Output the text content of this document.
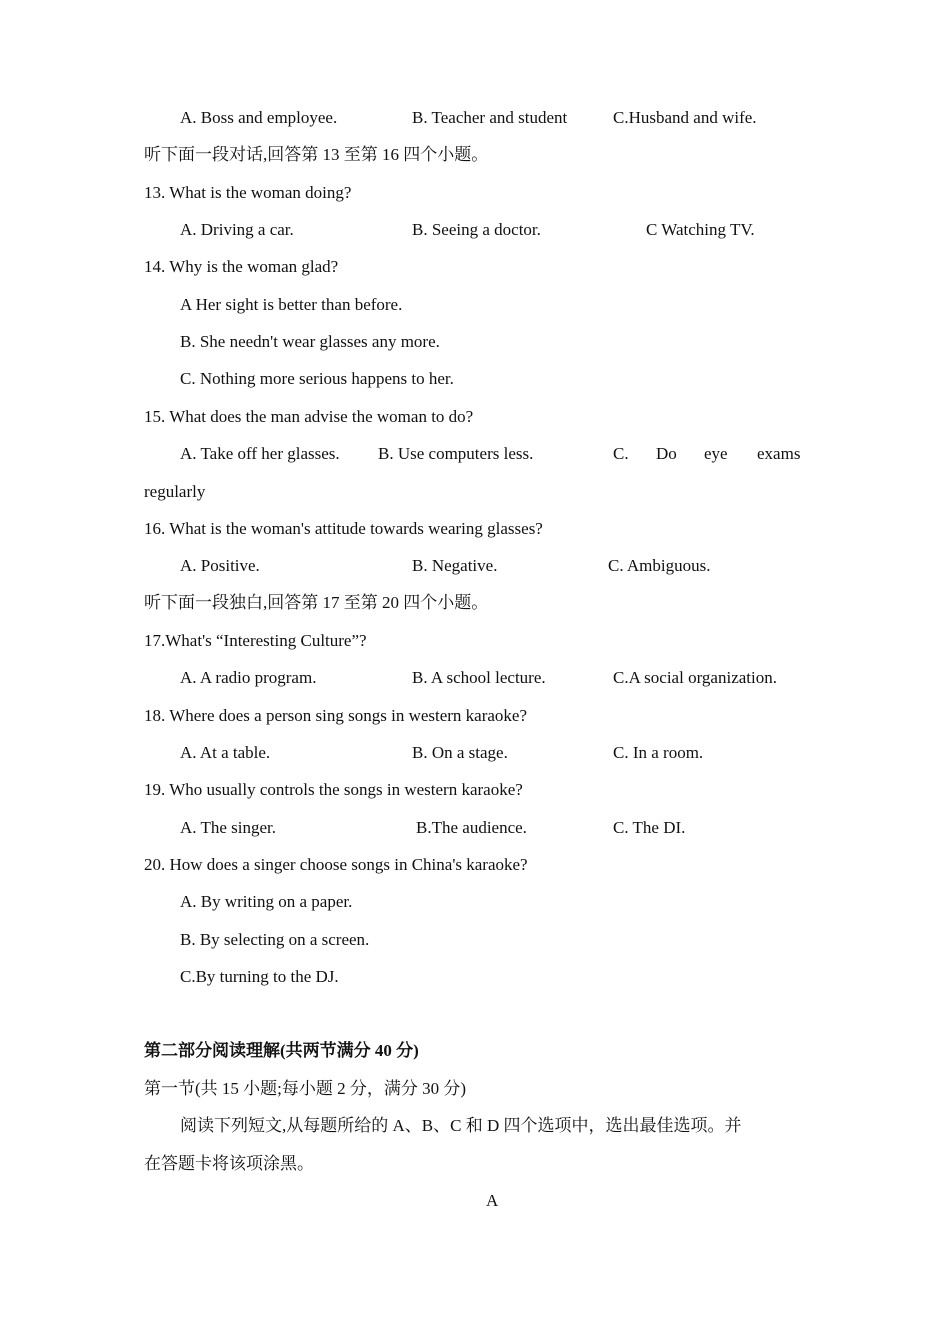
A. Boss and employee.	B. Teacher and student	C.Husband and wife.
听下面一段对话,回答第 13 至第 16 四个小题。
13. What is the woman doing?
A. Driving a car.	B. Seeing a doctor.	C Watching TV.
14. Why is the woman glad?
A Her sight is better than before.
B. She needn't wear glasses any more.
C. Nothing more serious happens to her.
15. What does the man advise the woman to do?
A. Take off her glasses. B. Use computers less.	C. Do eye exams
regularly
16. What is the woman's attitude towards wearing glasses?
A. Positive.	B. Negative.	C. Ambiguous.
听下面一段独白,回答第 17 至第 20 四个小题。
17.What's “Interesting Culture”?
A. A radio program.	B. A school lecture.	C.A social organization.
18. Where does a person sing songs in western karaoke?
A. At a table.	B. On a stage.	C. In a room.
19. Who usually controls the songs in western karaoke?
A. The singer.	B.The audience.	C. The DI.
20. How does a singer choose songs in China's karaoke?
A. By writing on a paper.
B. By selecting on a screen.
C.By turning to the DJ.
第二部分阅读理解(共两节满分 40 分)
第一节(共 15 小题;每小题 2 分，满分 30 分)
阅读下列短文,从每题所给的 A、B、C 和 D 四个选项中，选出最佳选项。并
在答题卡将该项涂黑。
A
